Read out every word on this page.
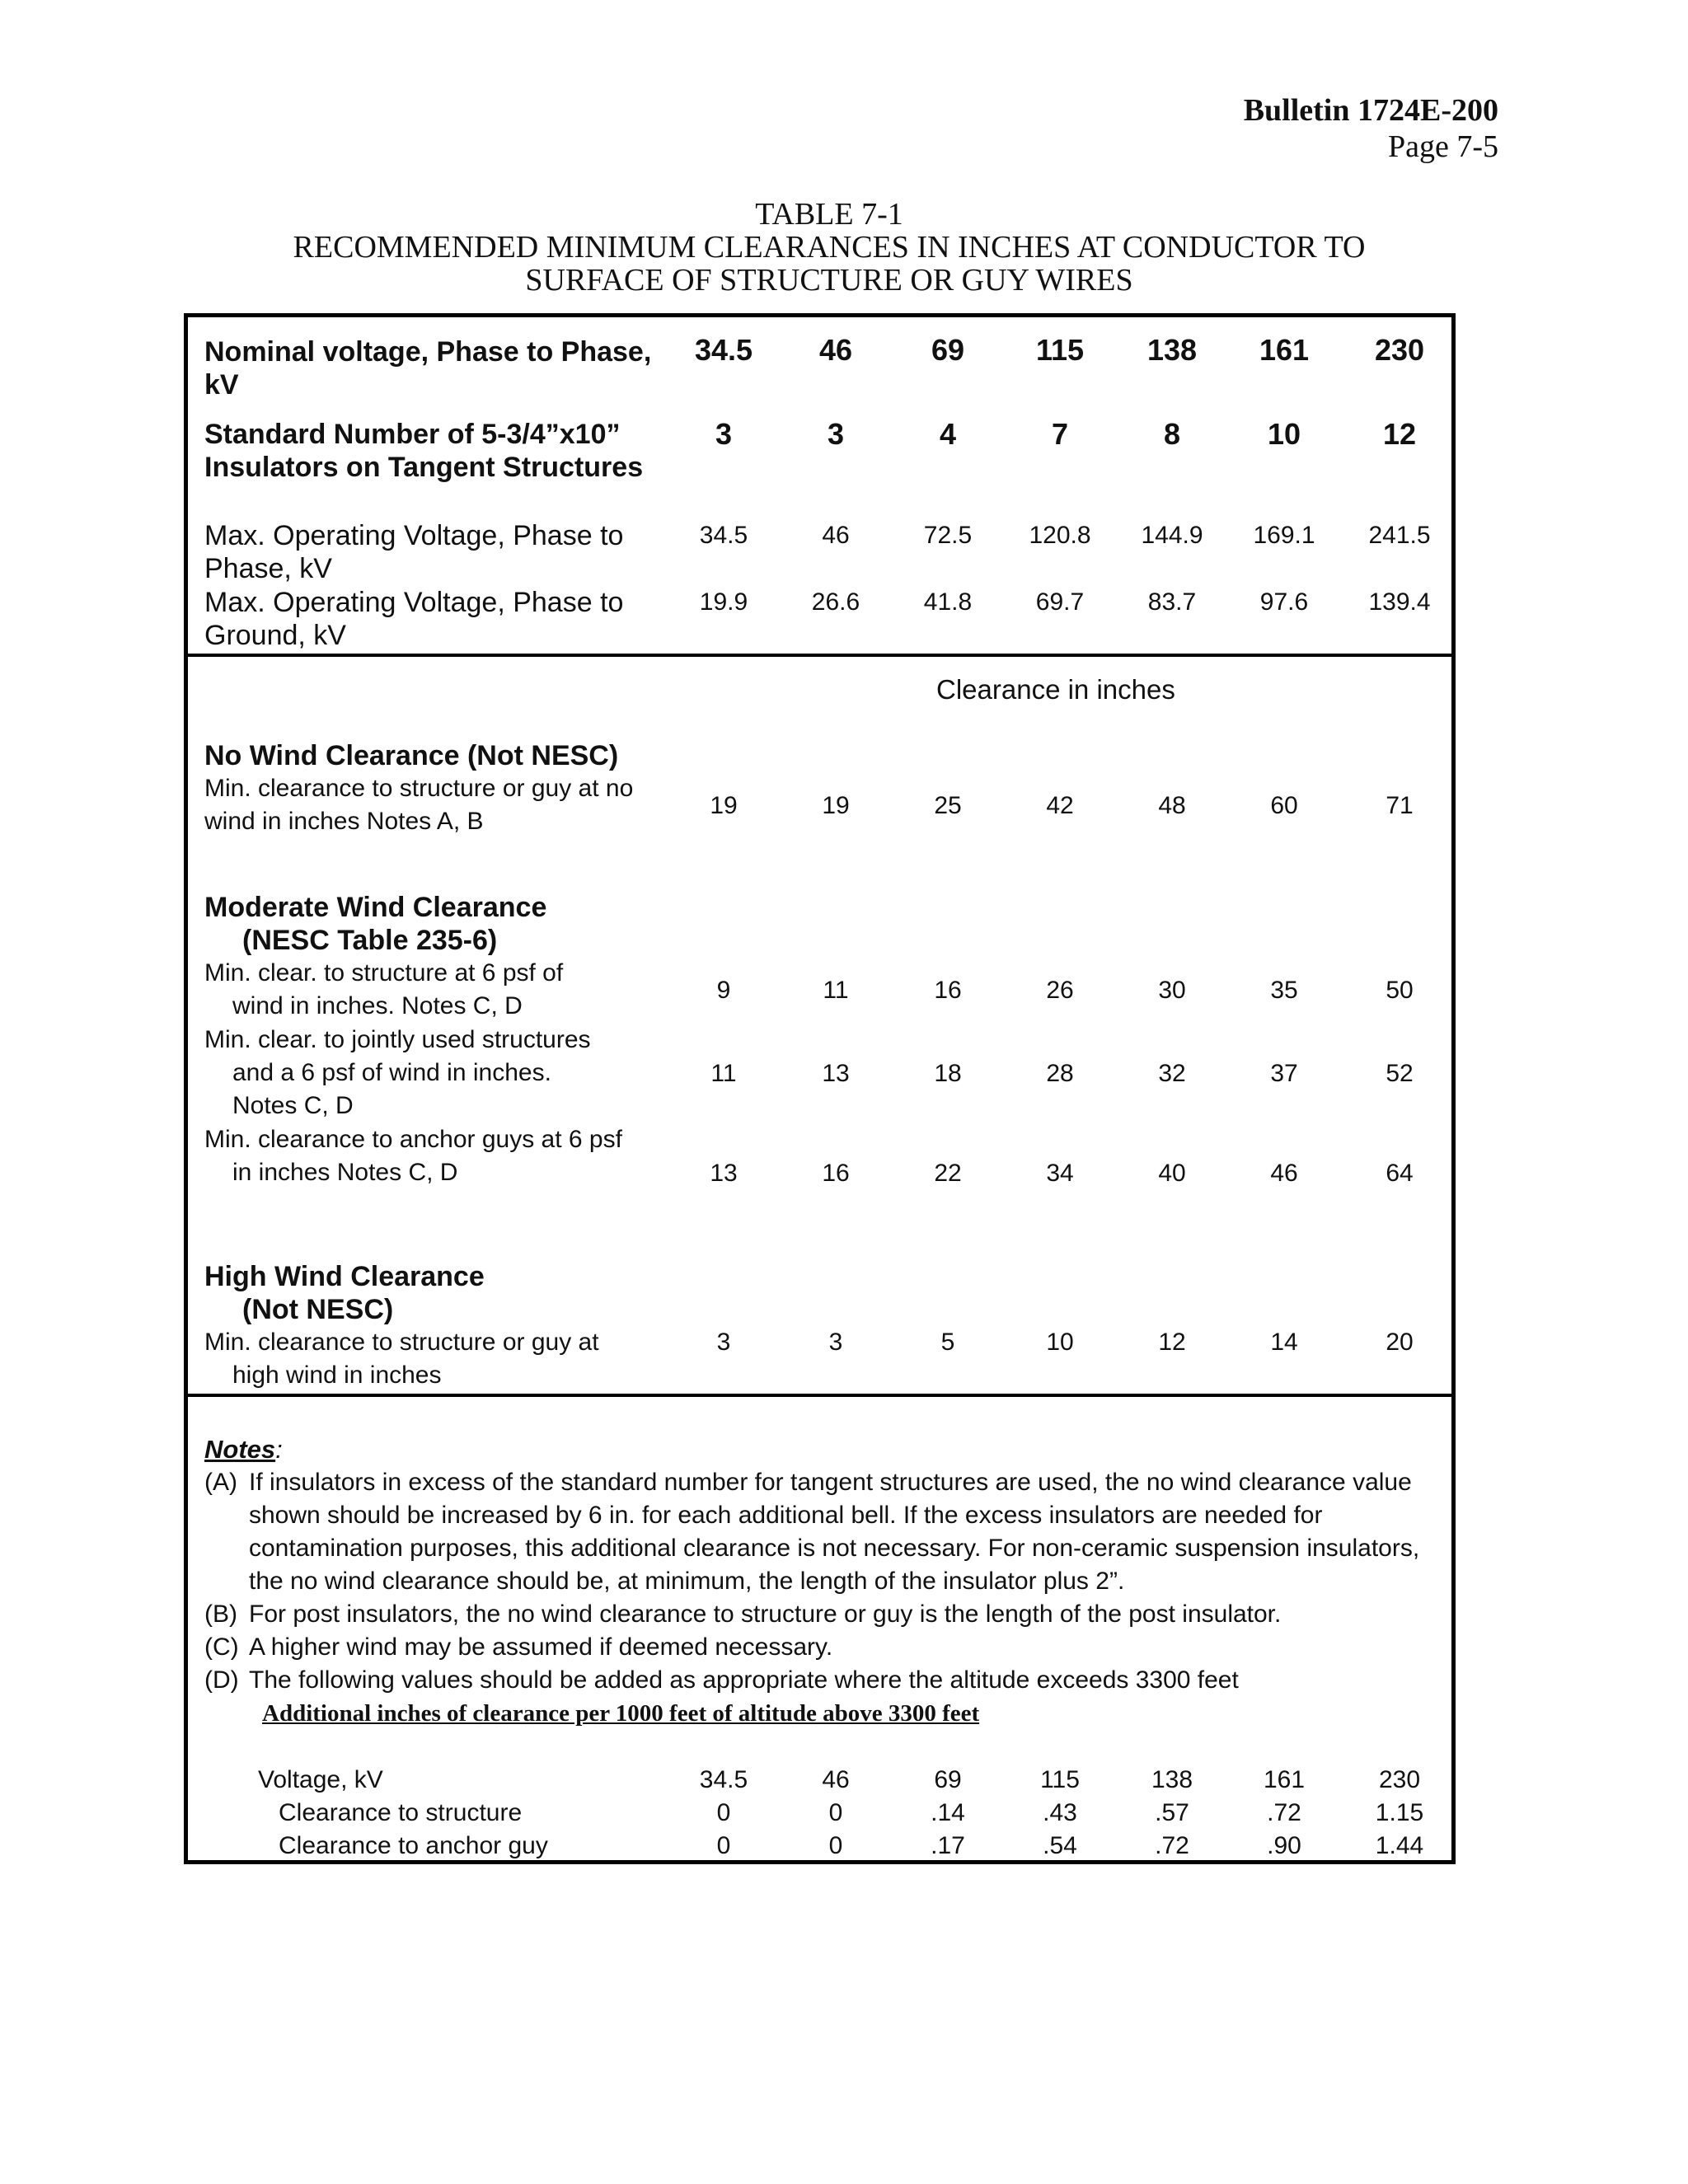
Bulletin 1724E-200
Page 7-5
TABLE 7-1
RECOMMENDED MINIMUM CLEARANCES IN INCHES AT CONDUCTOR TO
SURFACE OF STRUCTURE OR GUY WIRES
Nominal voltage, Phase to Phase,
kV
34.5	46	69	115	138	161	230
Standard Number of 5-3/4”x10”
Insulators on Tangent Structures
3	3	4	7	8	10	12
Max. Operating Voltage, Phase to
Phase, kV
34.5	46	72.5	120.8	144.9	169.1	241.5
Max. Operating Voltage, Phase to
Ground, kV
19.9	26.6	41.8	69.7	83.7	97.6	139.4
Clearance in inches
No Wind Clearance (Not NESC)
Min. clearance to structure or guy at no
wind in inches Notes A, B
19	19	25	42	48	60	71
Moderate Wind Clearance
(NESC Table 235-6)
Min. clear. to structure at 6 psf of
wind in inches. Notes C, D
9	11	16	26	30	35	50
Min. clear. to jointly used structures
and a 6 psf of wind in inches.
Notes C, D
11	13	18	28	32	37	52
Min. clearance to anchor guys at 6 psf
in inches Notes C, D	13	16	22	34	40	46	64
High Wind Clearance
(Not NESC)
Min. clearance to structure or guy at
high wind in inches
3	3	5	10	12	14	20
Notes:
(A) If insulators in excess of the standard number for tangent structures are used, the no wind clearance value
shown should be increased by 6 in. for each additional bell. If the excess insulators are needed for
contamination purposes, this additional clearance is not necessary. For non-ceramic suspension insulators,
the no wind clearance should be, at minimum, the length of the insulator plus 2”.
(B) For post insulators, the no wind clearance to structure or guy is the length of the post insulator.
(C) A higher wind may be assumed if deemed necessary.
(D) The following values should be added as appropriate where the altitude exceeds 3300 feet
Additional inches of clearance per 1000 feet of altitude above 3300 feet
Voltage, kV	34.5	46	69	115	138	161	230
Clearance to structure	0	0	.14	.43	.57	.72	1.15
Clearance to anchor guy	0	0	.17	.54	.72	.90	1.44
